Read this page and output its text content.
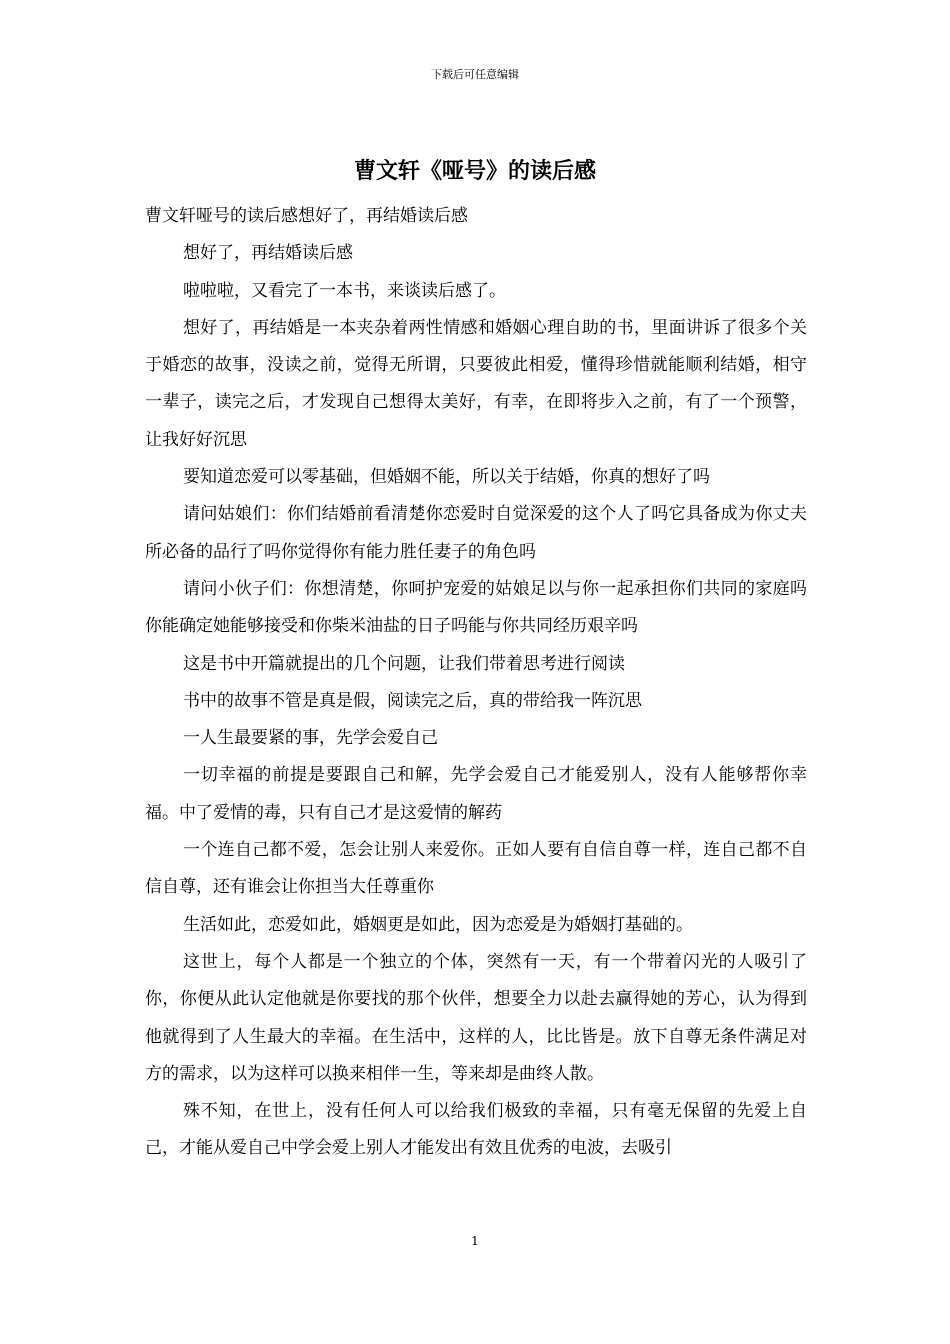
下载后可任意编辑
曹文轩《哑号》的读后感

曹文轩哑号的读后感想好了，再结婚读后感

想好了，再结婚读后感

啦啦啦，又看完了一本书，来谈读后感了。

想好了，再结婚是一本夹杂着两性情感和婚姻心理自助的书，里面讲诉了很多个关于婚恋的故事，没读之前，觉得无所谓，只要彼此相爱，懂得珍惜就能顺利结婚，相守一辈子，读完之后，才发现自己想得太美好，有幸，在即将步入之前，有了一个预警，让我好好沉思

要知道恋爱可以零基础，但婚姻不能，所以关于结婚，你真的想好了吗

请问姑娘们：你们结婚前看清楚你恋爱时自觉深爱的这个人了吗它具备成为你丈夫所必备的品行了吗你觉得你有能力胜任妻子的角色吗

请问小伙子们：你想清楚，你呵护宠爱的姑娘足以与你一起承担你们共同的家庭吗你能确定她能够接受和你柴米油盐的日子吗能与你共同经历艰辛吗

这是书中开篇就提出的几个问题，让我们带着思考进行阅读

书中的故事不管是真是假，阅读完之后，真的带给我一阵沉思

一人生最要紧的事，先学会爱自己

一切幸福的前提是要跟自己和解，先学会爱自己才能爱别人，没有人能够帮你幸福。中了爱情的毒，只有自己才是这爱情的解药

一个连自己都不爱，怎会让别人来爱你。正如人要有自信自尊一样，连自己都不自信自尊，还有谁会让你担当大任尊重你

生活如此，恋爱如此，婚姻更是如此，因为恋爱是为婚姻打基础的。

这世上，每个人都是一个独立的个体，突然有一天，有一个带着闪光的人吸引了你，你便从此认定他就是你要找的那个伙伴，想要全力以赴去赢得她的芳心，认为得到他就得到了人生最大的幸福。在生活中，这样的人，比比皆是。放下自尊无条件满足对方的需求，以为这样可以换来相伴一生，等来却是曲终人散。

殊不知，在世上，没有任何人可以给我们极致的幸福，只有毫无保留的先爱上自己，才能从爱自己中学会爱上别人才能发出有效且优秀的电波，去吸引

1
